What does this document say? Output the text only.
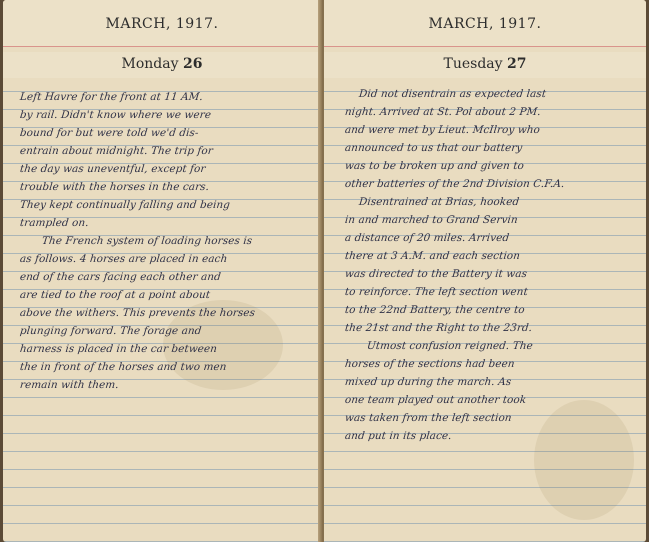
MARCH, 1917.
Monday 26
Left Havre for the front at 11 AM.
by rail. Didn't know where we were
bound for but were told we'd dis-
entrain about midnight. The trip for
the day was uneventful, except for
trouble with the horses in the cars.
They kept continually falling and being
trampled on.
The French system of loading horses is
as follows. 4 horses are placed in each
end of the cars facing each other and
are tied to the roof at a point about
above the withers. This prevents the horses
plunging forward. The forage and
harness is placed in the car between
the in front of the horses and two men
remain with them.
MARCH, 1917.
Tuesday 27
Did not disentrain as expected last
night. Arrived at St. Pol about 2 PM.
and were met by Lieut. McIlroy who
announced to us that our battery
was to be broken up and given to
other batteries of the 2nd Division C.F.A.
Disentrained at Brias, hooked
in and marched to Grand Servin
a distance of 20 miles. Arrived
there at 3 A.M. and each section
was directed to the Battery it was
to reinforce. The left section went
to the 22nd Battery, the centre to
the 21st and the Right to the 23rd.
Utmost confusion reigned. The
horses of the sections had been
mixed up during the march. As
one team played out another took
was taken from the left section
and put in its place.
